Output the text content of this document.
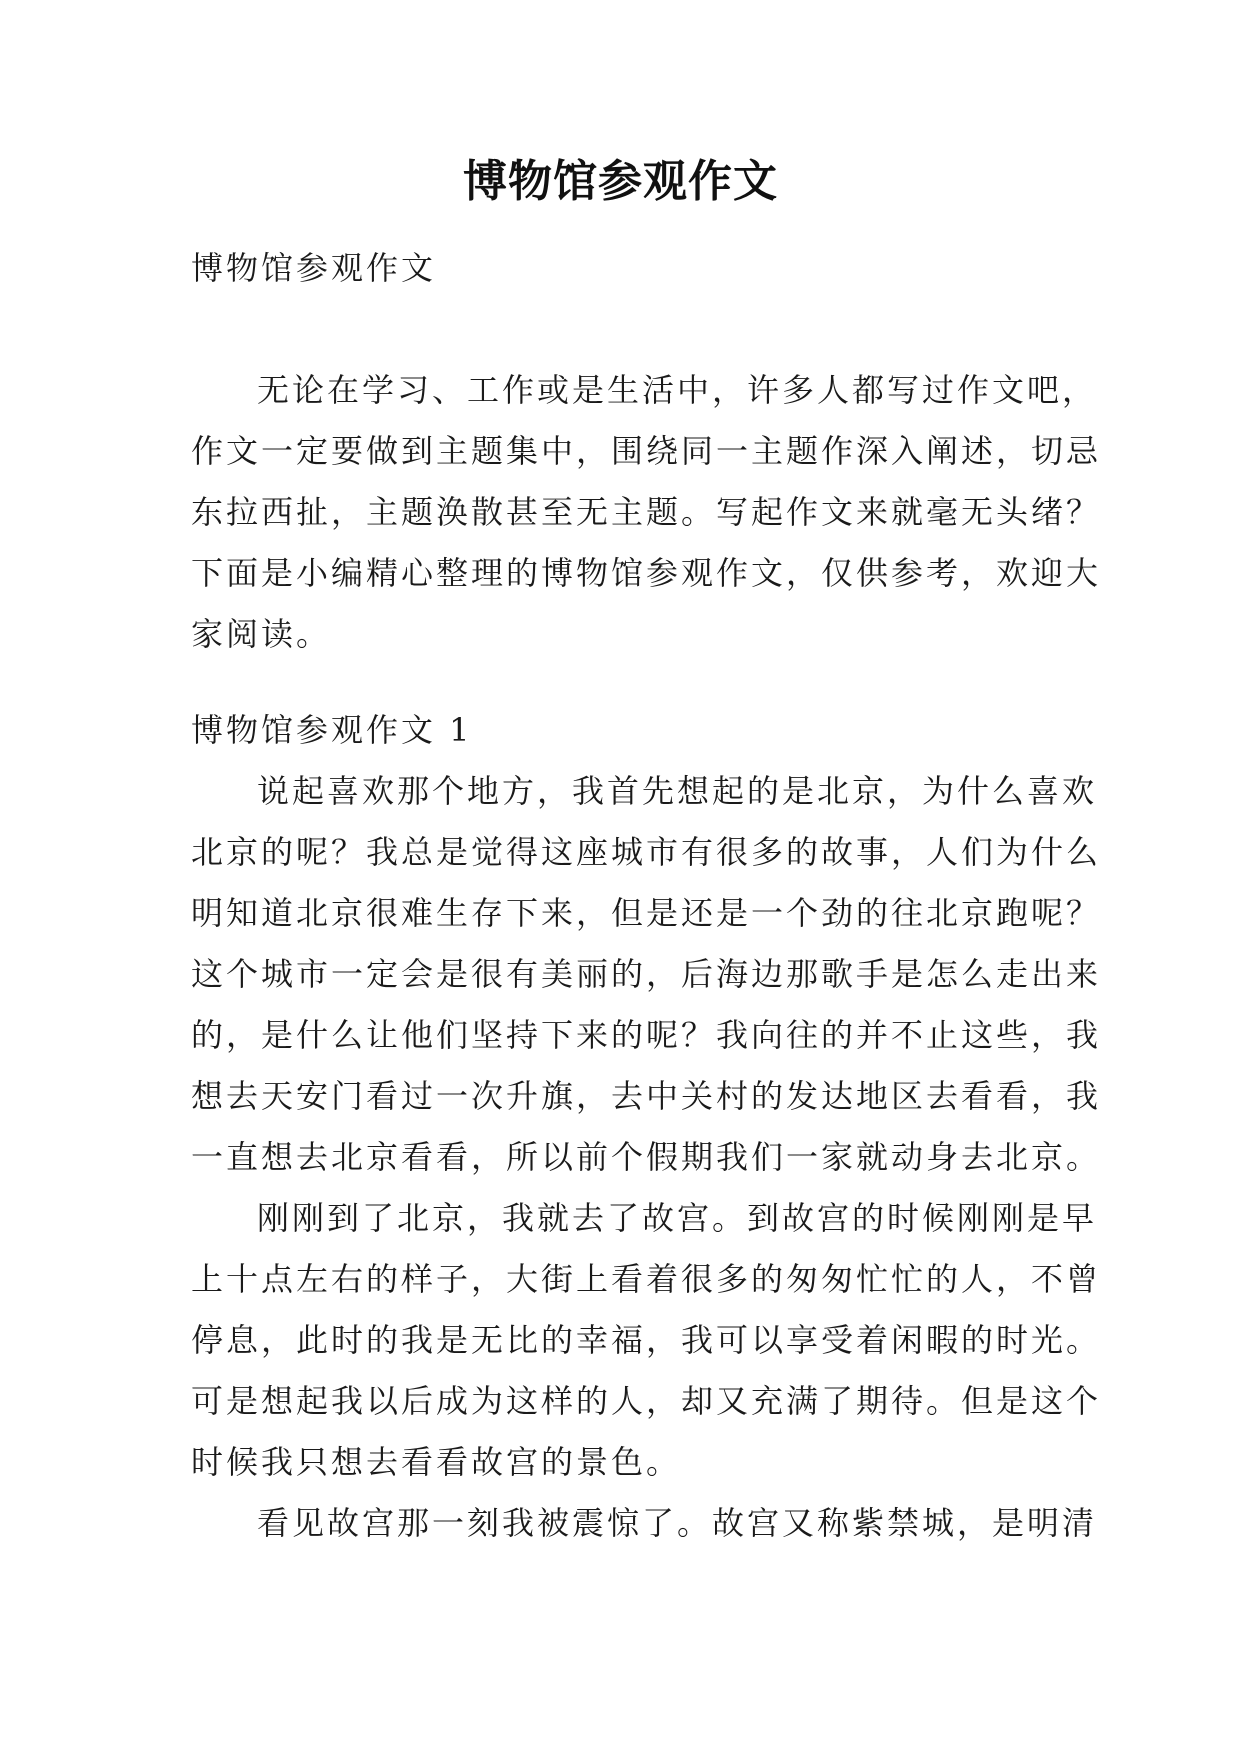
博物馆参观作文
博物馆参观作文
无论在学习、工作或是生活中，许多人都写过作文吧，
作文一定要做到主题集中，围绕同一主题作深入阐述，切忌
东拉西扯，主题涣散甚至无主题。写起作文来就毫无头绪？
下面是小编精心整理的博物馆参观作文，仅供参考，欢迎大
家阅读。
博物馆参观作文 1
说起喜欢那个地方，我首先想起的是北京，为什么喜欢
北京的呢？我总是觉得这座城市有很多的故事，人们为什么
明知道北京很难生存下来，但是还是一个劲的往北京跑呢？
这个城市一定会是很有美丽的，后海边那歌手是怎么走出来
的，是什么让他们坚持下来的呢？我向往的并不止这些，我
想去天安门看过一次升旗，去中关村的发达地区去看看，我
一直想去北京看看，所以前个假期我们一家就动身去北京。
刚刚到了北京，我就去了故宫。到故宫的时候刚刚是早
上十点左右的样子，大街上看着很多的匆匆忙忙的人，不曾
停息，此时的我是无比的幸福，我可以享受着闲暇的时光。
可是想起我以后成为这样的人，却又充满了期待。但是这个
时候我只想去看看故宫的景色。
看见故宫那一刻我被震惊了。故宫又称紫禁城，是明清
